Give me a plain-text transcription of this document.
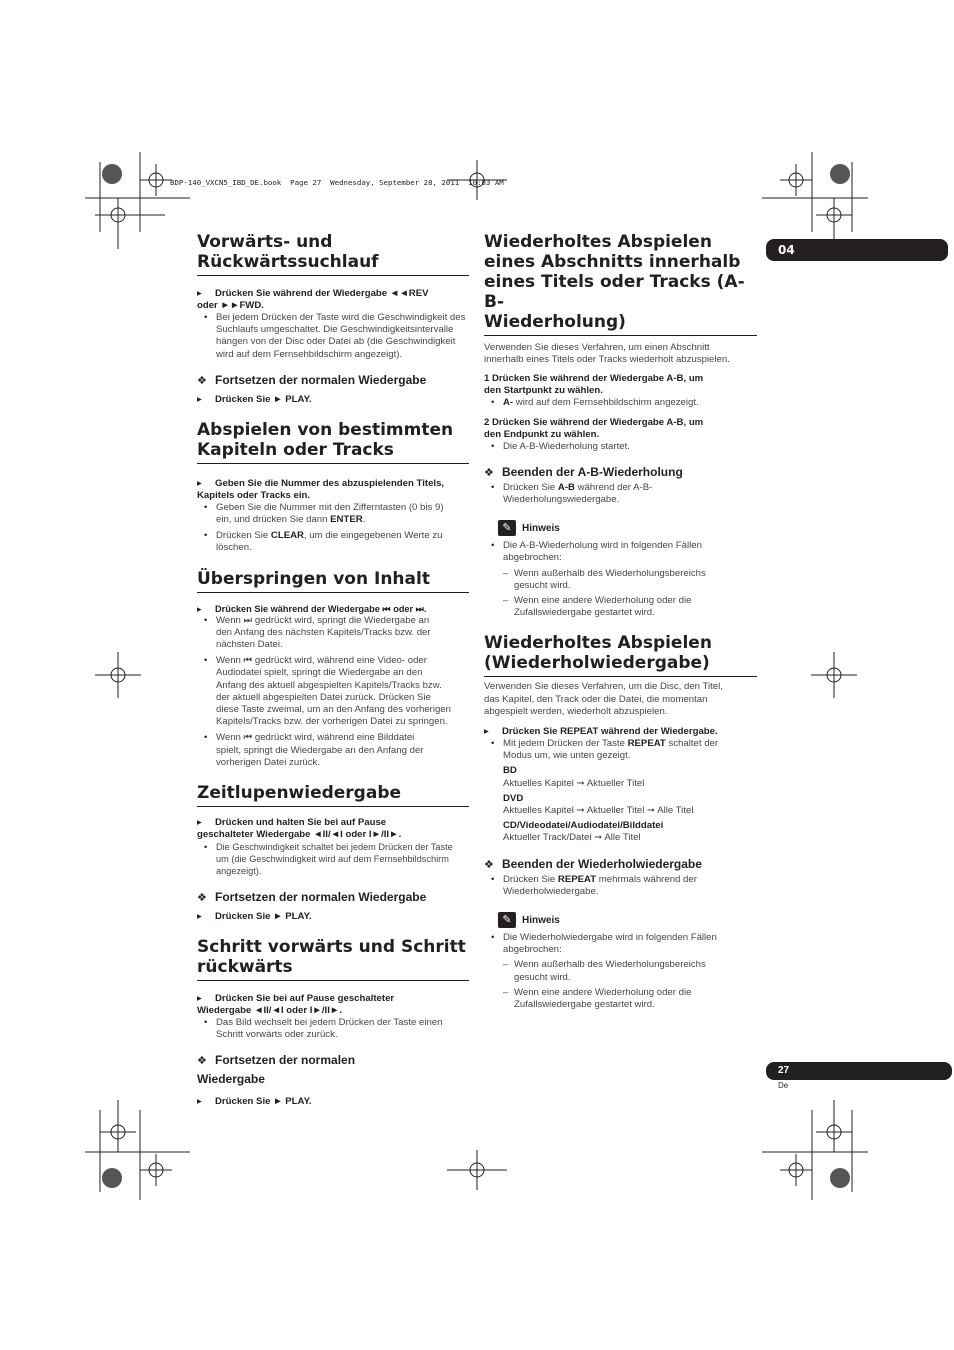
BDP-140_VXCN5_IBD_DE.book  Page 27  Wednesday, September 28, 2011  10:03 AM
04
Vorwärts- und
Rückwärtssuchlauf
▸ Drücken Sie während der Wiedergabe ◄◄REV
oder ►►FWD.
• Bei jedem Drücken der Taste wird die Geschwindigkeit des
Suchlaufs umgeschaltet. Die Geschwindigkeitsintervalle
hängen von der Disc oder Datei ab (die Geschwindigkeit
wird auf dem Fernsehbildschirm angezeigt).
❖ Fortsetzen der normalen Wiedergabe
▸ Drücken Sie ► PLAY.
Abspielen von bestimmten
Kapiteln oder Tracks
▸ Geben Sie die Nummer des abzuspielenden Titels,
Kapitels oder Tracks ein.
• Geben Sie die Nummer mit den Zifferntasten (0 bis 9)
ein, und drücken Sie dann ENTER.
• Drücken Sie CLEAR, um die eingegebenen Werte zu
löschen.
Überspringen von Inhalt
▸ Drücken Sie während der Wiedergabe ⏮ oder ⏭.
• Wenn ⏭ gedrückt wird, springt die Wiedergabe an
den Anfang des nächsten Kapitels/Tracks bzw. der
nächsten Datei.
• Wenn ⏮ gedrückt wird, während eine Video- oder
Audiodatei spielt, springt die Wiedergabe an den
Anfang des aktuell abgespielten Kapitels/Tracks bzw.
der aktuell abgespielten Datei zurück. Drücken Sie
diese Taste zweimal, um an den Anfang des vorherigen
Kapitels/Tracks bzw. der vorherigen Datei zu springen.
• Wenn ⏮ gedrückt wird, während eine Bilddatei
spielt, springt die Wiedergabe an den Anfang der
vorherigen Datei zurück.
Zeitlupenwiedergabe
▸ Drücken und halten Sie bei auf Pause
geschalteter Wiedergabe ◄II/◄I oder I►/II►.
• Die Geschwindigkeit schaltet bei jedem Drücken der Taste
um (die Geschwindigkeit wird auf dem Fernsehbildschirm
angezeigt).
❖ Fortsetzen der normalen Wiedergabe
▸ Drücken Sie ► PLAY.
Schritt vorwärts und Schritt
rückwärts
▸ Drücken Sie bei auf Pause geschalteter
Wiedergabe ◄II/◄I oder I►/II►.
• Das Bild wechselt bei jedem Drücken der Taste einen
Schritt vorwärts oder zurück.
❖ Fortsetzen der normalen
Wiedergabe
▸ Drücken Sie ► PLAY.
Wiederholtes Abspielen
eines Abschnitts innerhalb
eines Titels oder Tracks (A-B-
Wiederholung)
Verwenden Sie dieses Verfahren, um einen Abschnitt
innerhalb eines Titels oder Tracks wiederholt abzuspielen.
1 Drücken Sie während der Wiedergabe A-B, um
den Startpunkt zu wählen.
• A- wird auf dem Fernsehbildschirm angezeigt.
2 Drücken Sie während der Wiedergabe A-B, um
den Endpunkt zu wählen.
• Die A-B-Wiederholung startet.
❖ Beenden der A-B-Wiederholung
• Drücken Sie A-B während der A-B-
Wiederholungswiedergabe.
✎	Hinweis
• Die A-B-Wiederholung wird in folgenden Fällen
abgebrochen:
– Wenn außerhalb des Wiederholungsbereichs
gesucht wird.
– Wenn eine andere Wiederholung oder die
Zufallswiedergabe gestartet wird.
Wiederholtes Abspielen
(Wiederholwiedergabe)
Verwenden Sie dieses Verfahren, um die Disc, den Titel,
das Kapitel, den Track oder die Datei, die momentan
abgespielt werden, wiederholt abzuspielen.
▸ Drücken Sie REPEAT während der Wiedergabe.
• Mit jedem Drücken der Taste REPEAT schaltet der
Modus um, wie unten gezeigt.
BD
Aktuelles Kapitel ➞ Aktueller Titel
DVD
Aktuelles Kapitel ➞ Aktueller Titel ➞ Alle Titel
CD/Videodatei/Audiodatei/Bilddatei
Aktueller Track/Datei ➞ Alle Titel
❖ Beenden der Wiederholwiedergabe
• Drücken Sie REPEAT mehrmals während der
Wiederholwiedergabe.
✎	Hinweis
• Die Wiederholwiedergabe wird in folgenden Fällen
abgebrochen:
– Wenn außerhalb des Wiederholungsbereichs
gesucht wird.
– Wenn eine andere Wiederholung oder die
Zufallswiedergabe gestartet wird.
27
De
